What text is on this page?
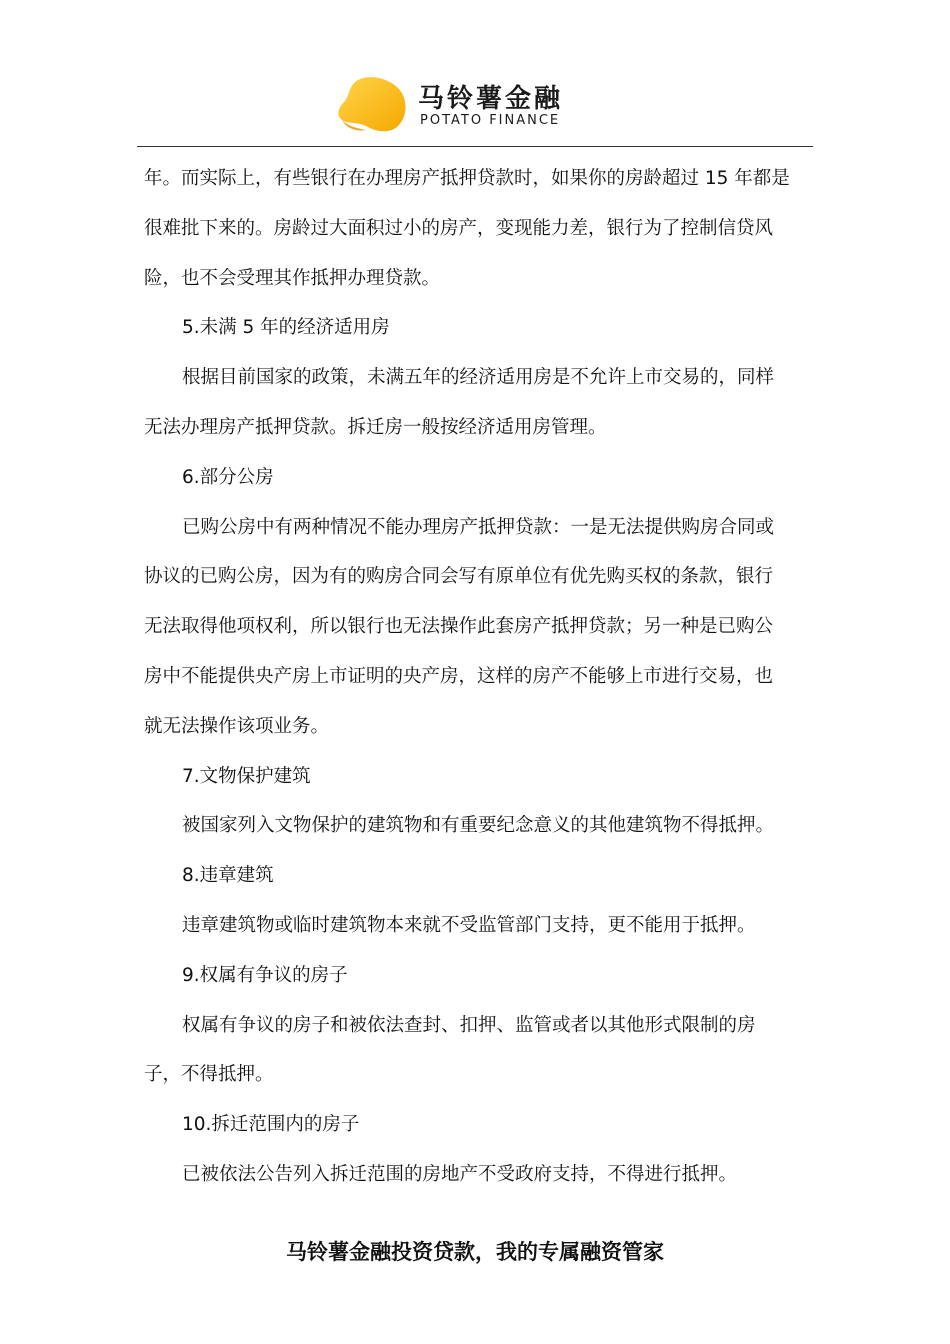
马铃薯金融
POTATO FINANCE
年。而实际上，有些银行在办理房产抵押贷款时，如果你的房龄超过 15 年都是
很难批下来的。房龄过大面积过小的房产，变现能力差，银行为了控制信贷风
险，也不会受理其作抵押办理贷款。
5.未满 5 年的经济适用房
根据目前国家的政策，未满五年的经济适用房是不允许上市交易的，同样
无法办理房产抵押贷款。拆迁房一般按经济适用房管理。
6.部分公房
已购公房中有两种情况不能办理房产抵押贷款：一是无法提供购房合同或
协议的已购公房，因为有的购房合同会写有原单位有优先购买权的条款，银行
无法取得他项权利，所以银行也无法操作此套房产抵押贷款；另一种是已购公
房中不能提供央产房上市证明的央产房，这样的房产不能够上市进行交易，也
就无法操作该项业务。
7.文物保护建筑
被国家列入文物保护的建筑物和有重要纪念意义的其他建筑物不得抵押。
8.违章建筑
违章建筑物或临时建筑物本来就不受监管部门支持，更不能用于抵押。
9.权属有争议的房子
权属有争议的房子和被依法查封、扣押、监管或者以其他形式限制的房
子，不得抵押。
10.拆迁范围内的房子
已被依法公告列入拆迁范围的房地产不受政府支持，不得进行抵押。
马铃薯金融投资贷款，我的专属融资管家
